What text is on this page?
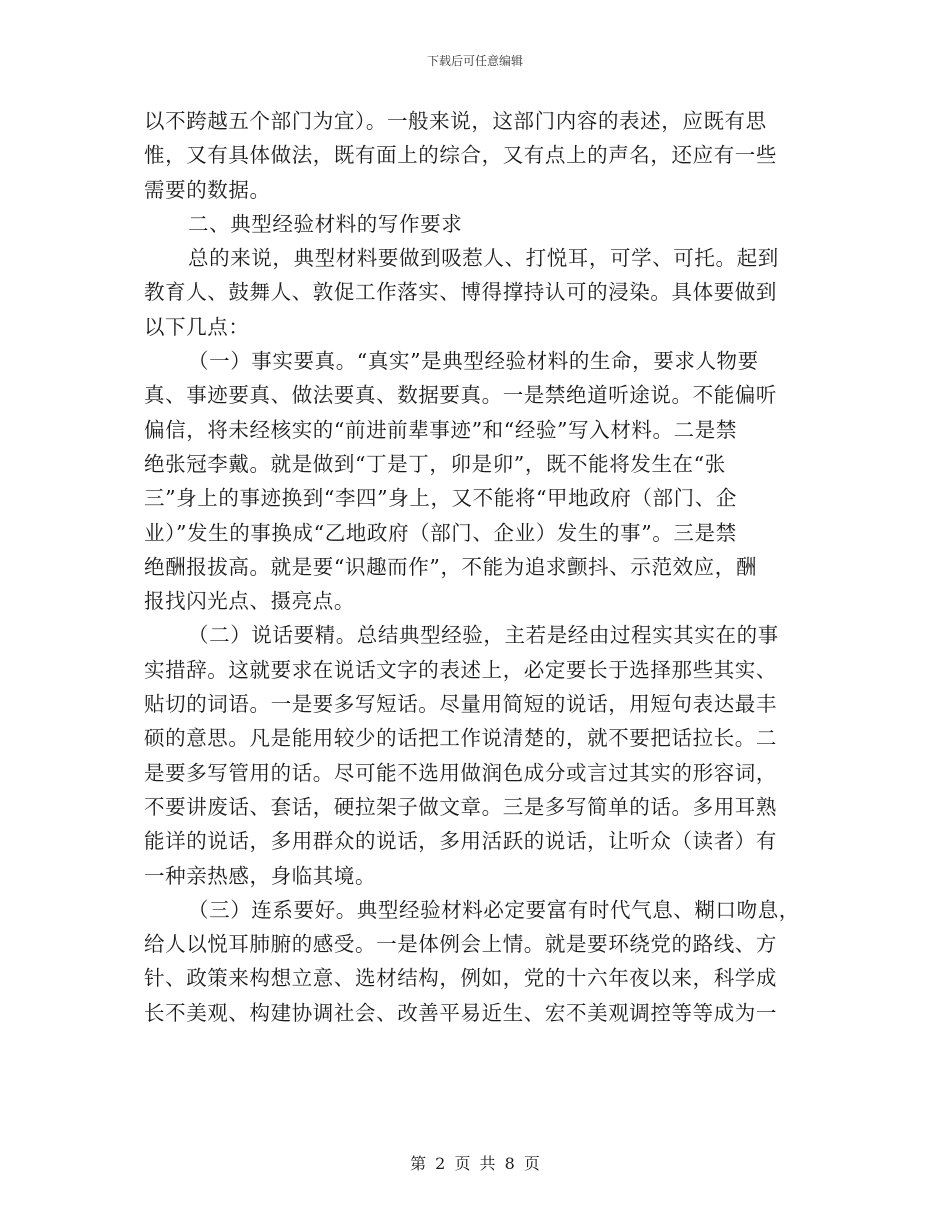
下载后可任意编辑
以不跨越五个部门为宜）。一般来说，这部门内容的表述，应既有思
惟，又有具体做法，既有面上的综合，又有点上的声名，还应有一些
需要的数据。
二、典型经验材料的写作要求
总的来说，典型材料要做到吸惹人、打悦耳，可学、可托。起到
教育人、鼓舞人、敦促工作落实、博得撑持认可的浸染。具体要做到
以下几点：
（一）事实要真。“真实”是典型经验材料的生命，要求人物要
真、事迹要真、做法要真、数据要真。一是禁绝道听途说。不能偏听
偏信，将未经核实的“前进前辈事迹”和“经验”写入材料。二是禁
绝张冠李戴。就是做到“丁是丁，卯是卯”，既不能将发生在“张
三”身上的事迹换到“李四”身上，又不能将“甲地政府（部门、企
业）”发生的事换成“乙地政府（部门、企业）发生的事”。三是禁
绝酬报拔高。就是要“识趣而作”，不能为追求颤抖、示范效应，酬
报找闪光点、摄亮点。
（二）说话要精。总结典型经验，主若是经由过程实其实在的事
实措辞。这就要求在说话文字的表述上，必定要长于选择那些其实、
贴切的词语。一是要多写短话。尽量用简短的说话，用短句表达最丰
硕的意思。凡是能用较少的话把工作说清楚的，就不要把话拉长。二
是要多写管用的话。尽可能不选用做润色成分或言过其实的形容词，
不要讲废话、套话，硬拉架子做文章。三是多写简单的话。多用耳熟
能详的说话，多用群众的说话，多用活跃的说话，让听众（读者）有
一种亲热感，身临其境。
（三）连系要好。典型经验材料必定要富有时代气息、糊口吻息，
给人以悦耳肺腑的感受。一是体例会上情。就是要环绕党的路线、方
针、政策来构想立意、选材结构，例如，党的十六年夜以来，科学成
长不美观、构建协调社会、改善平易近生、宏不美观调控等等成为一
第 2 页 共 8 页
